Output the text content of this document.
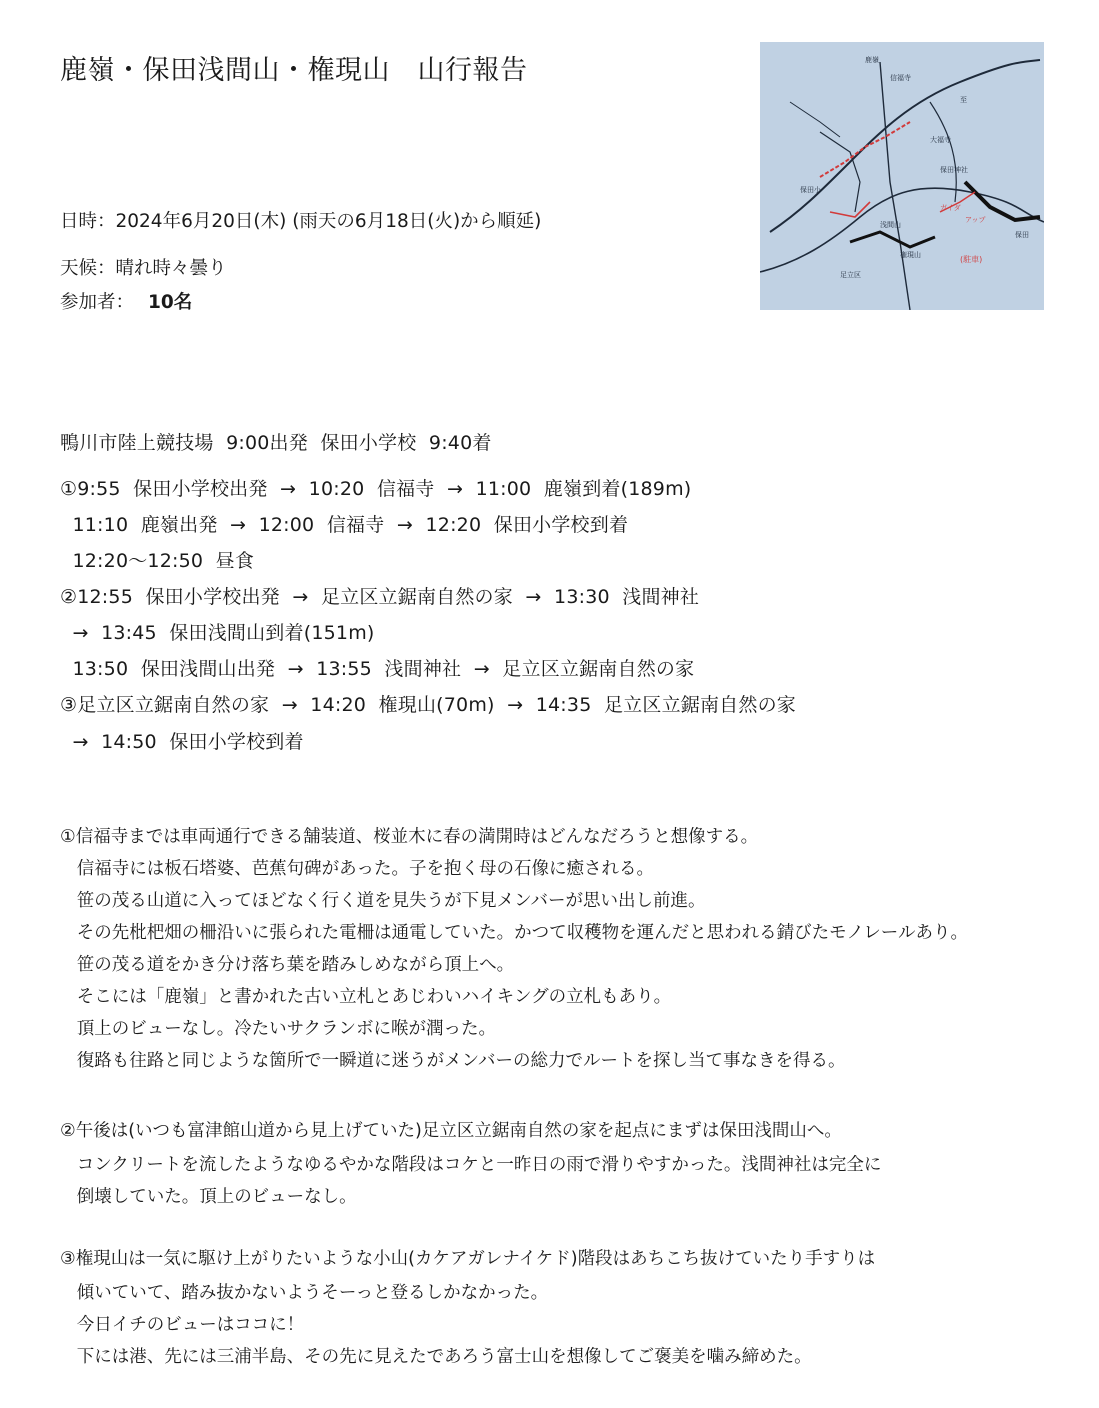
鹿嶺・保田浅間山・権現山　山行報告	鹿嶺
信福寺
大福寺
至
保田小
浅間山
権現山
足立区
保田
(駐車)
ガイダ
アップ
保田神社
日時：2024年6月20日(木) (雨天の6月18日(火)から順延)
天候：晴れ時々曇り
参加者： 10名
鴨川市陸上競技場  9:00出発  保田小学校  9:40着
①9:55  保田小学校出発  →  10:20  信福寺  →  11:00  鹿嶺到着(189m)
11:10  鹿嶺出発  →  12:00  信福寺  →  12:20  保田小学校到着
12:20～12:50  昼食
②12:55  保田小学校出発  →  足立区立鋸南自然の家  →  13:30  浅間神社
→  13:45  保田浅間山到着(151m)
13:50  保田浅間山出発  →  13:55  浅間神社  →  足立区立鋸南自然の家
③足立区立鋸南自然の家  →  14:20  権現山(70m)  →  14:35  足立区立鋸南自然の家
→  14:50  保田小学校到着
①信福寺までは車両通行できる舗装道、桜並木に春の満開時はどんなだろうと想像する。
信福寺には板石塔婆、芭蕉句碑があった。子を抱く母の石像に癒される。
笹の茂る山道に入ってほどなく行く道を見失うが下見メンバーが思い出し前進。
その先枇杷畑の柵沿いに張られた電柵は通電していた。かつて収穫物を運んだと思われる錆びたモノレールあり。
笹の茂る道をかき分け落ち葉を踏みしめながら頂上へ。
そこには「鹿嶺」と書かれた古い立札とあじわいハイキングの立札もあり。
頂上のビューなし。冷たいサクランボに喉が潤った。
復路も往路と同じような箇所で一瞬道に迷うがメンバーの総力でルートを探し当て事なきを得る。
②午後は(いつも富津館山道から見上げていた)足立区立鋸南自然の家を起点にまずは保田浅間山へ。
コンクリートを流したようなゆるやかな階段はコケと一昨日の雨で滑りやすかった。浅間神社は完全に
倒壊していた。頂上のビューなし。
③権現山は一気に駆け上がりたいような小山(カケアガレナイケド)階段はあちこち抜けていたり手すりは
傾いていて、踏み抜かないようそーっと登るしかなかった。
今日イチのビューはココに！
下には港、先には三浦半島、その先に見えたであろう富士山を想像してご褒美を噛み締めた。
